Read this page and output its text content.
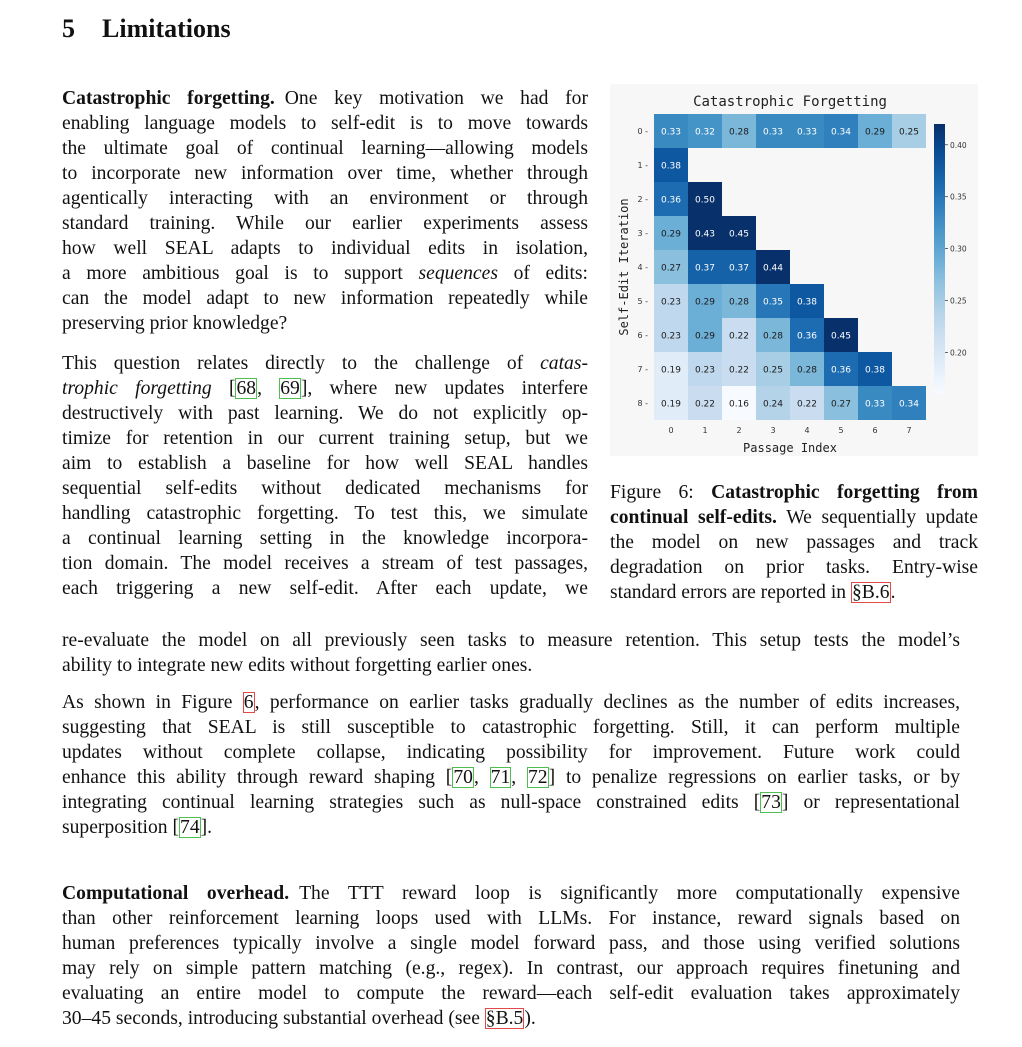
5 Limitations
Catastrophic forgetting. One key motivation we had for
enabling language models to self-edit is to move towards
the ultimate goal of continual learning—allowing models
to incorporate new information over time, whether through
agentically interacting with an environment or through
standard training. While our earlier experiments assess
how well SEAL adapts to individual edits in isolation,
a more ambitious goal is to support sequences of edits:
can the model adapt to new information repeatedly while
preserving prior knowledge?
This question relates directly to the challenge of catas-
trophic forgetting [68, 69], where new updates interfere
destructively with past learning. We do not explicitly op-
timize for retention in our current training setup, but we
aim to establish a baseline for how well SEAL handles
sequential self-edits without dedicated mechanisms for
handling catastrophic forgetting. To test this, we simulate
a continual learning setting in the knowledge incorpora-
tion domain. The model receives a stream of test passages,
each triggering a new self-edit. After each update, we
re-evaluate the model on all previously seen tasks to measure retention. This setup tests the model’s
ability to integrate new edits without forgetting earlier ones.
As shown in Figure 6, performance on earlier tasks gradually declines as the number of edits increases,
suggesting that SEAL is still susceptible to catastrophic forgetting. Still, it can perform multiple
updates without complete collapse, indicating possibility for improvement. Future work could
enhance this ability through reward shaping [70, 71, 72] to penalize regressions on earlier tasks, or by
integrating continual learning strategies such as null-space constrained edits [73] or representational
superposition [74].
Computational overhead. The TTT reward loop is significantly more computationally expensive
than other reinforcement learning loops used with LLMs. For instance, reward signals based on
human preferences typically involve a single model forward pass, and those using verified solutions
may rely on simple pattern matching (e.g., regex). In contrast, our approach requires finetuning and
evaluating an entire model to compute the reward—each self-edit evaluation takes approximately
30–45 seconds, introducing substantial overhead (see §B.5).
Catastrophic Forgetting
0.33 0.32 0.28 0.33 0.33 0.34 0.29 0.25
0.38
0.36 0.50
0.29 0.43 0.45
0.27 0.37 0.37 0.44
0.23 0.29 0.28 0.35 0.38
0.23 0.29 0.22 0.28 0.36 0.45
0.19 0.23 0.22 0.25 0.28 0.36 0.38
0.19 0.22 0.16 0.24 0.22 0.27 0.33 0.34
0 -
1 -
2 -
3 -
4 -
5 -
6 -
7 -
8 -
0	1	2	3	4	5	6	7
Passage Index
Self-Edit Iteration
0.40
0.35
0.30
0.25
0.20

Figure 6: Catastrophic forgetting from continual self-edits. We sequentially update the model on new passages and track degradation on prior tasks. Entry-wise standard errors are reported in §B.6.
